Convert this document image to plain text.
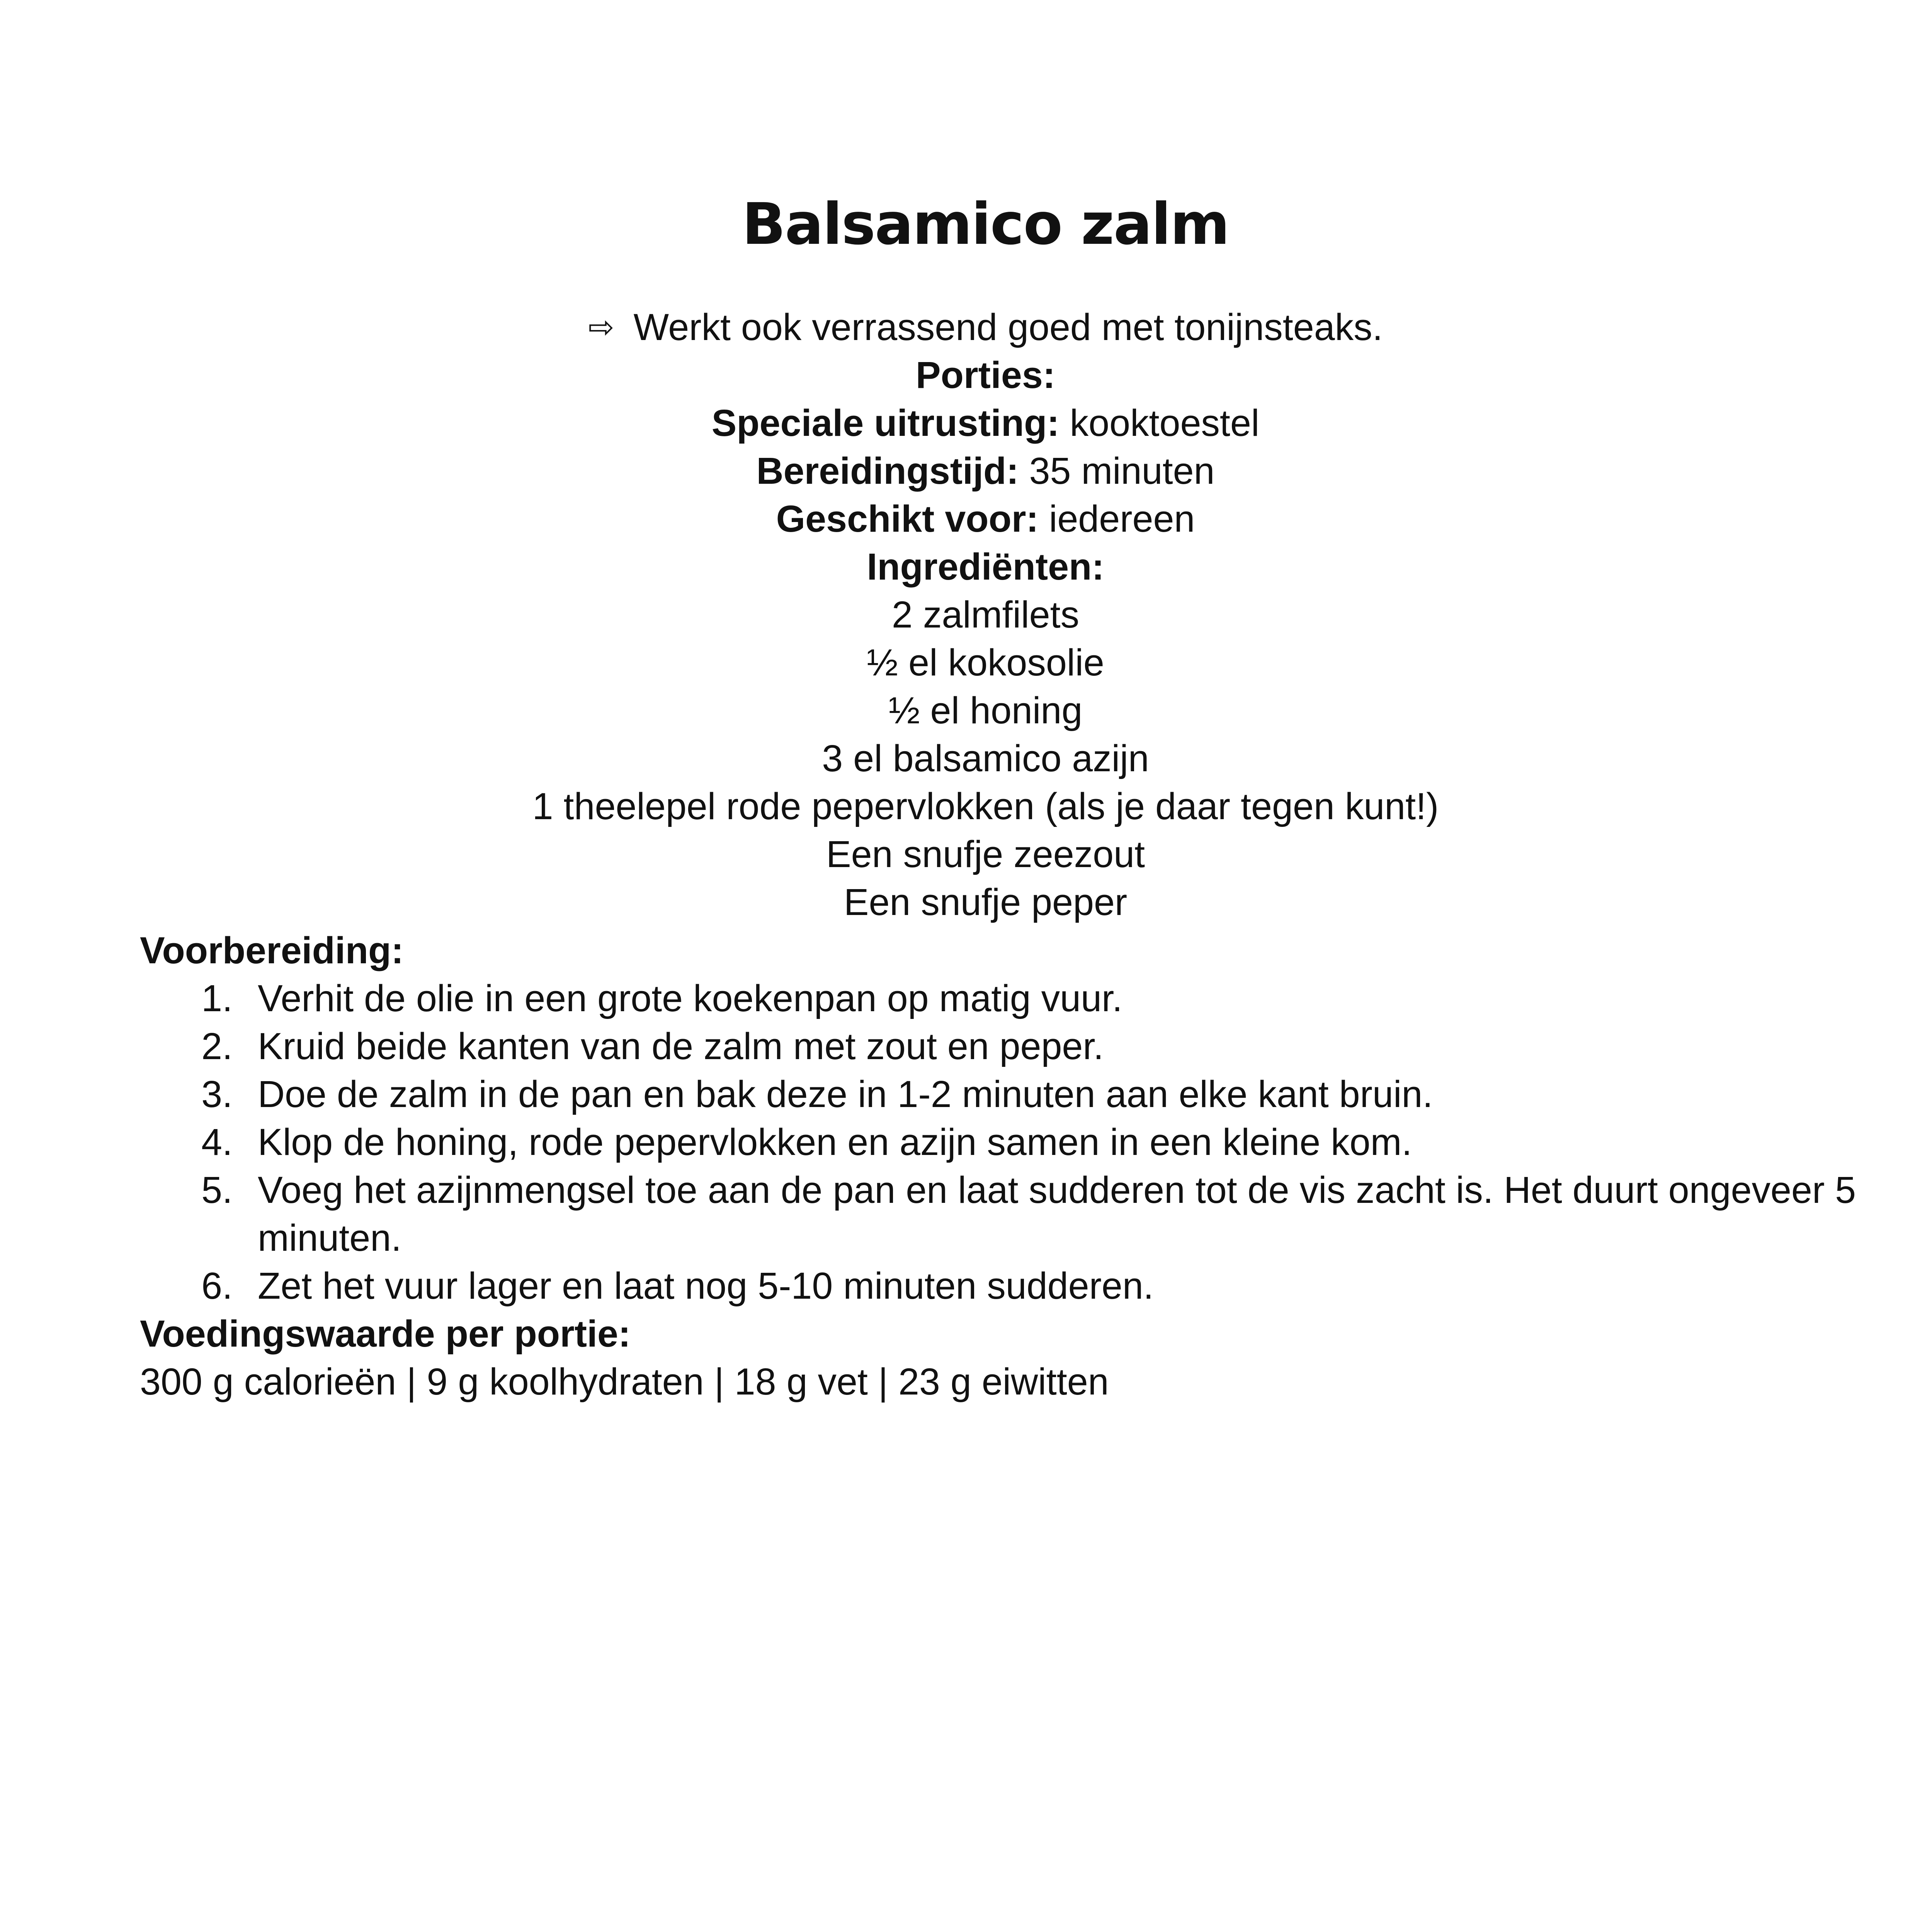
Balsamico zalm
⇨ Werkt ook verrassend goed met tonijnsteaks.
Porties:
Speciale uitrusting: kooktoestel
Bereidingstijd: 35 minuten
Geschikt voor: iedereen
Ingrediënten:
2 zalmfilets
½ el kokosolie
½ el honing
3 el balsamico azijn
1 theelepel rode pepervlokken (als je daar tegen kunt!)
Een snufje zeezout
Een snufje peper
Voorbereiding:
1. Verhit de olie in een grote koekenpan op matig vuur.
2. Kruid beide kanten van de zalm met zout en peper.
3. Doe de zalm in de pan en bak deze in 1-2 minuten aan elke kant bruin.
4. Klop de honing, rode pepervlokken en azijn samen in een kleine kom.
5. Voeg het azijnmengsel toe aan de pan en laat sudderen tot de vis zacht is. Het duurt ongeveer 5 minuten.
6. Zet het vuur lager en laat nog 5-10 minuten sudderen.
Voedingswaarde per portie:
300 g calorieën | 9 g koolhydraten | 18 g vet | 23 g eiwitten
